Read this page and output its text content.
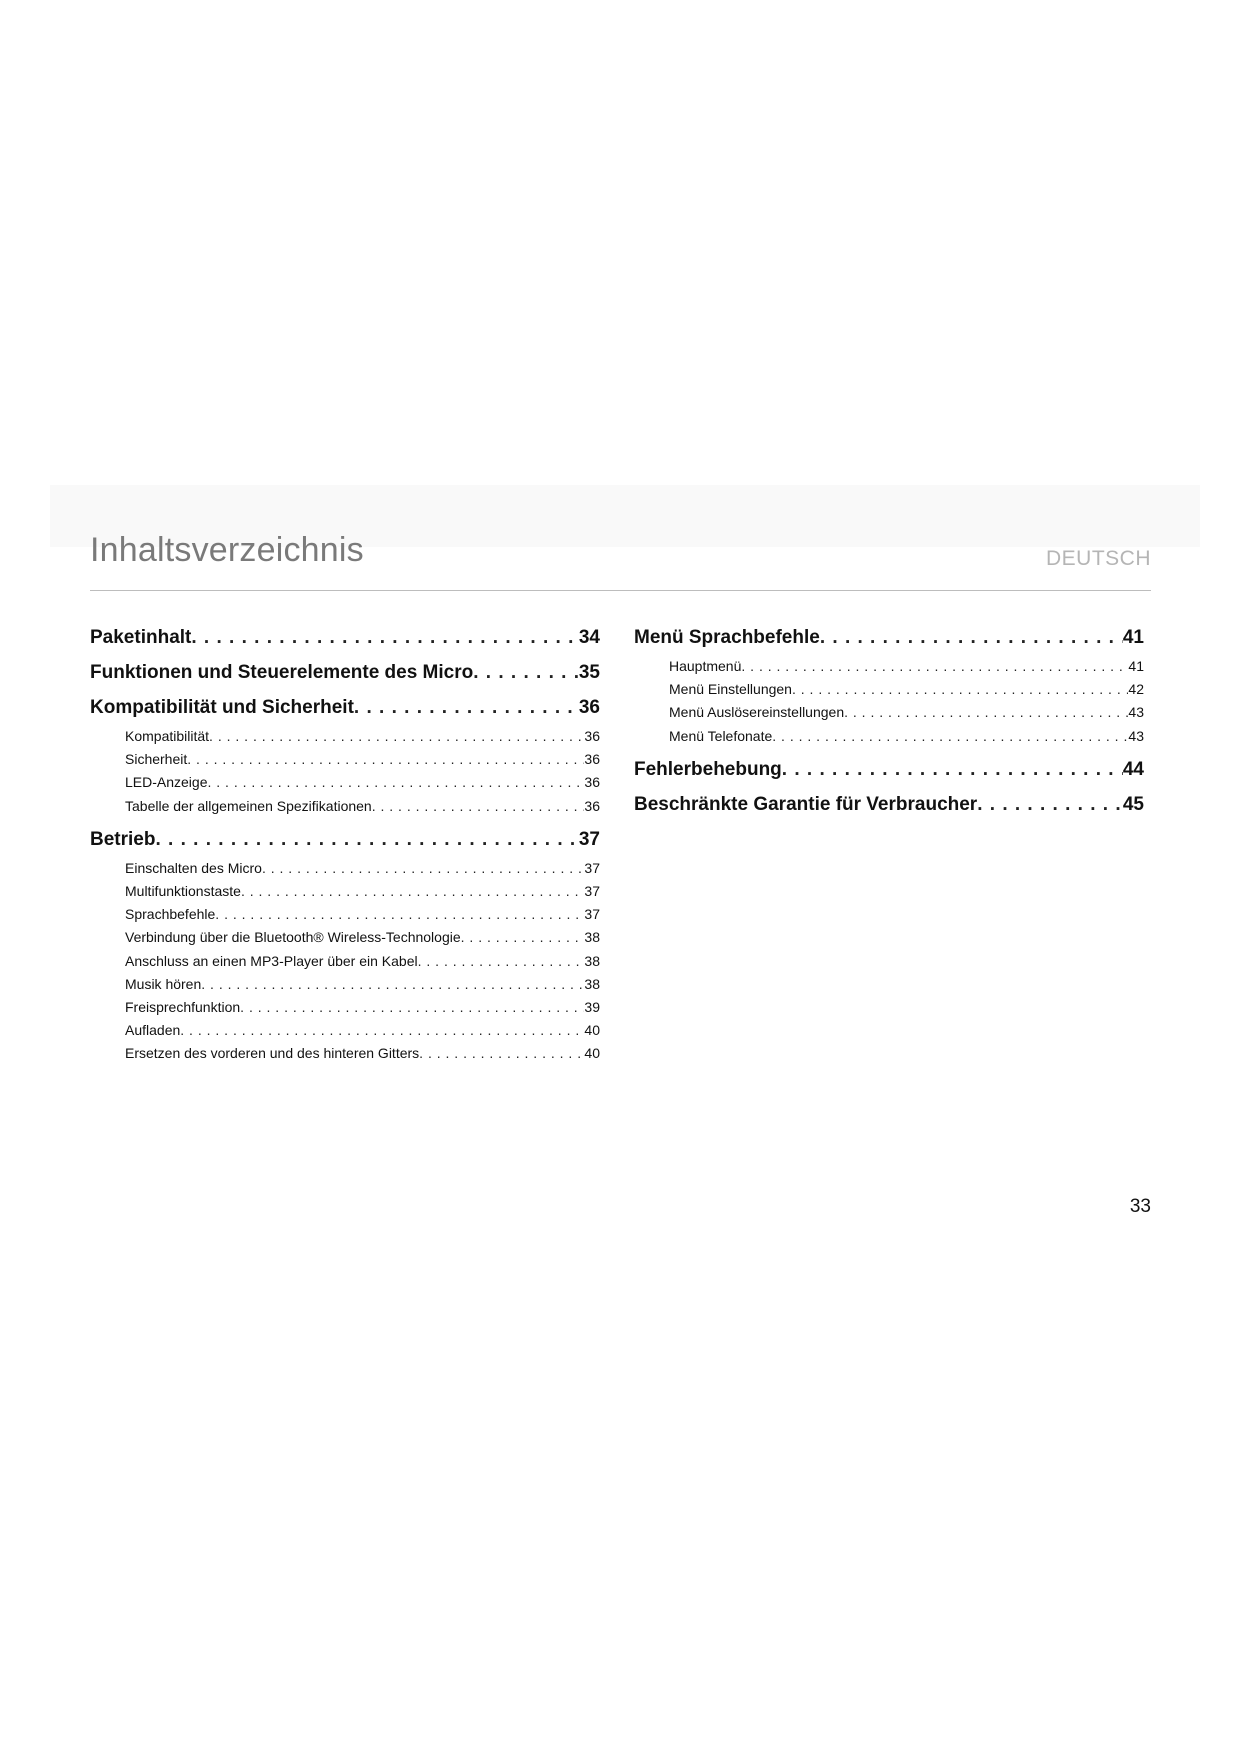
Inhaltsverzeichnis	DEUTSCH
Paketinhalt . . .	34
Funktionen und Steuerelemente des Micro . . .	35
Kompatibilität und Sicherheit . . .	36
Kompatibilität . . .	36
Sicherheit . . .	36
LED-Anzeige . . .	36
Tabelle der allgemeinen Spezifikationen . . .	36
Betrieb . . .	37
Einschalten des Micro . . .	37
Multifunktionstaste . . .	37
Sprachbefehle . . .	37
Verbindung über die Bluetooth® Wireless-Technologie . . .	38
Anschluss an einen MP3-Player über ein Kabel . . .	38
Musik hören . . .	38
Freisprechfunktion . . .	39
Aufladen . . .	40
Ersetzen des vorderen und des hinteren Gitters . . .	40
Menü Sprachbefehle . . .	41
Hauptmenü . . .	41
Menü Einstellungen . . .	42
Menü Auslösereinstellungen . . .	43
Menü Telefonate . . .	43
Fehlerbehebung . . .	44
Beschränkte Garantie für Verbraucher . . .	45
33
